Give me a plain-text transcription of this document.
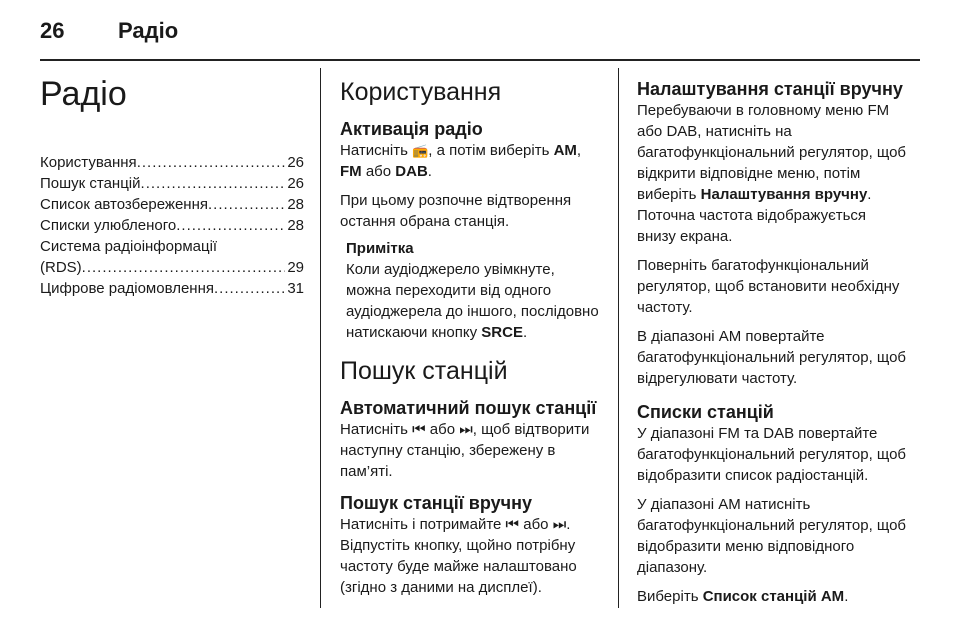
26	Радіо
Радіо
Користування .....	26
Пошук станцій .....	26
Список автозбереження .....	28
Списки улюбленого .....	28
Система радіоінформації
(RDS) .....	29
Цифрове радіомовлення .....	31
Користування
Активація радіо

Натисніть 📻, а потім виберіть AM,
FM або DAB.

При цьому розпочне відтворення остання обрана станція.

Примітка

Коли аудіоджерело увімкнуте, можна переходити від одного аудіоджерела до іншого, послідовно натискаючи кнопку SRCE.

Пошук станцій
Автоматичний пошук станції

Натисніть ⏮ або ⏭, щоб відтворити наступну станцію, збережену в пам’яті.

Пошук станції вручну

Натисніть і потримайте ⏮ або ⏭. Відпустіть кнопку, щойно потрібну частоту буде майже налаштовано (згідно з даними на дисплеї).

Налаштування станції вручну

Перебуваючи в головному меню FM або DAB, натисніть на багатофункціональний регулятор, щоб відкрити відповідне меню, потім виберіть Налаштування вручну. Поточна частота відображується внизу екрана.

Поверніть багатофункціональний регулятор, щоб встановити необхідну частоту.

В діапазоні AM повертайте багатофункціональний регулятор, щоб відрегулювати частоту.

Списки станцій

У діапазоні FM та DAB повертайте багатофункціональний регулятор, щоб відобразити список радіостанцій.

У діапазоні AM натисніть багатофункціональний регулятор, щоб відобразити меню відповідного діапазону.

Виберіть Список станцій AM.
